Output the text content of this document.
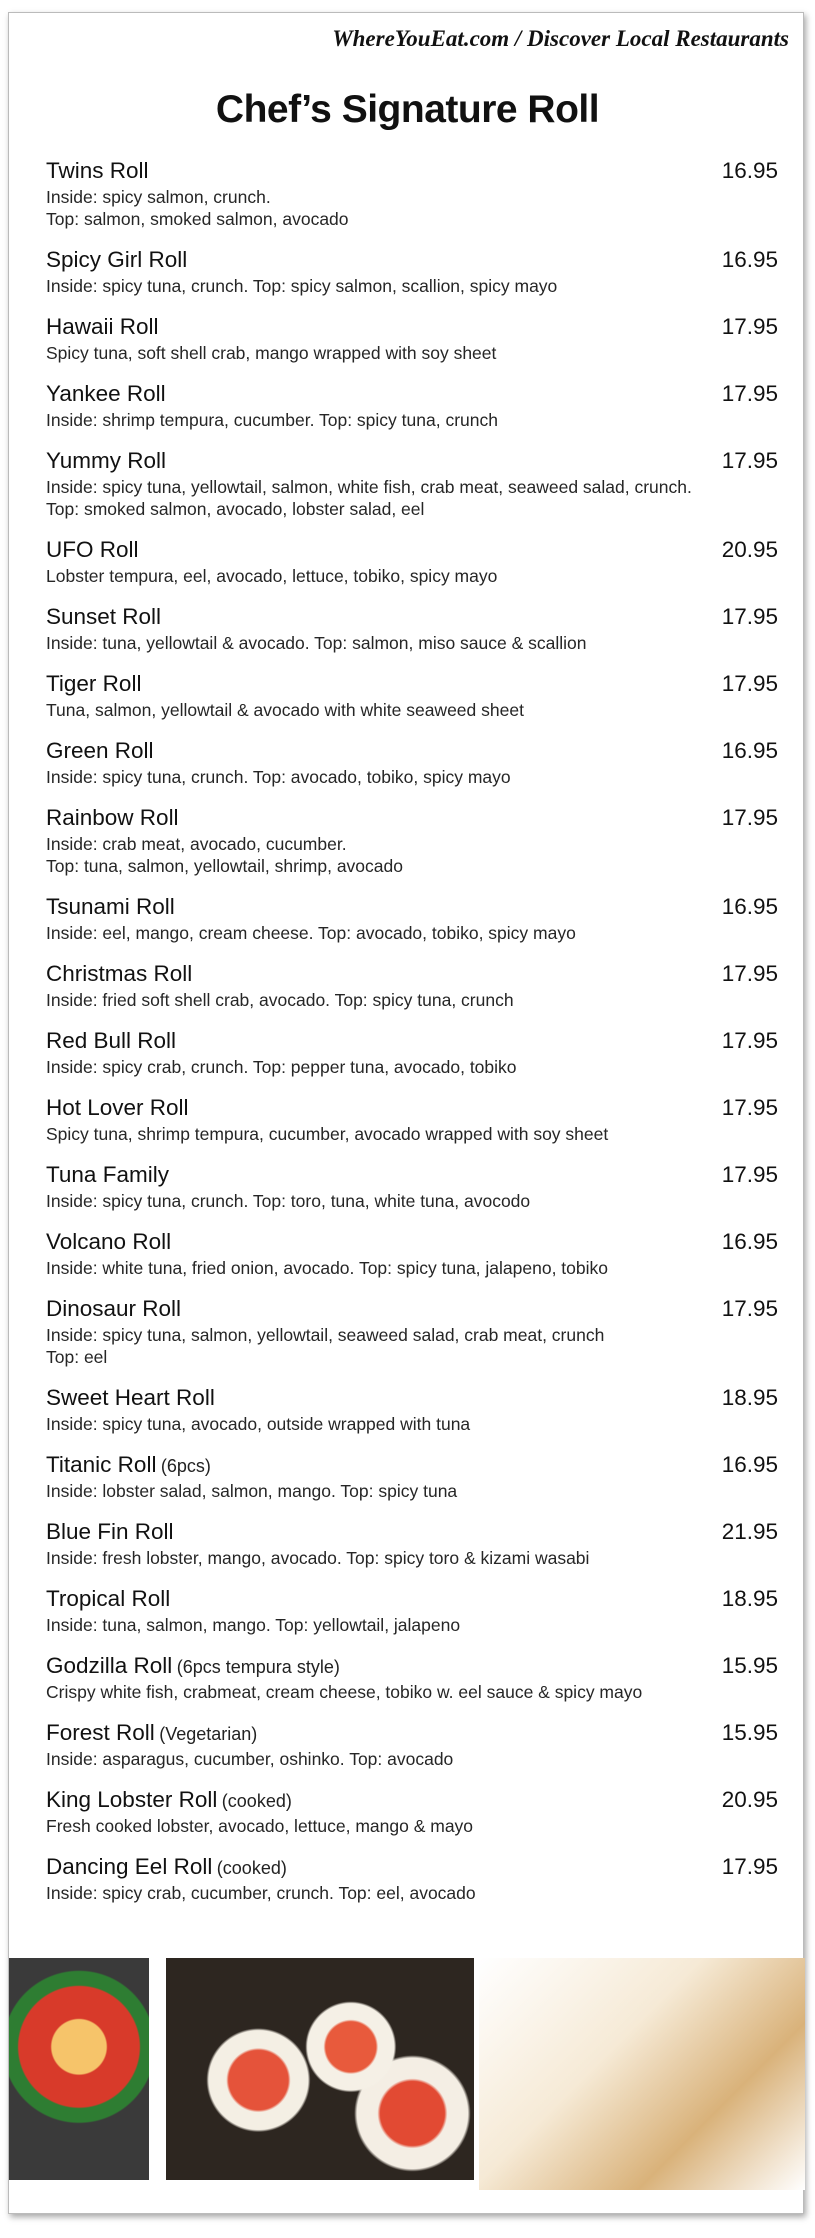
WhereYouEat.com / Discover Local Restaurants
Chef’s Signature Roll
Twins Roll	16.95
Inside: spicy salmon, crunch.
Top: salmon, smoked salmon, avocado
Spicy Girl Roll	16.95
Inside: spicy tuna, crunch. Top: spicy salmon, scallion, spicy mayo
Hawaii Roll	17.95
Spicy tuna, soft shell crab, mango wrapped with soy sheet
Yankee Roll	17.95
Inside: shrimp tempura, cucumber. Top: spicy tuna, crunch
Yummy Roll	17.95
Inside: spicy tuna, yellowtail, salmon, white fish, crab meat, seaweed salad, crunch.
Top: smoked salmon, avocado, lobster salad, eel
UFO Roll	20.95
Lobster tempura, eel, avocado, lettuce, tobiko, spicy mayo
Sunset Roll	17.95
Inside: tuna, yellowtail & avocado. Top: salmon, miso sauce & scallion
Tiger Roll	17.95
Tuna, salmon, yellowtail & avocado with white seaweed sheet
Green Roll	16.95
Inside: spicy tuna, crunch. Top: avocado, tobiko, spicy mayo
Rainbow Roll	17.95
Inside: crab meat, avocado, cucumber.
Top: tuna, salmon, yellowtail, shrimp, avocado
Tsunami Roll	16.95
Inside: eel, mango, cream cheese. Top: avocado, tobiko, spicy mayo
Christmas Roll	17.95
Inside: fried soft shell crab, avocado. Top: spicy tuna, crunch
Red Bull Roll	17.95
Inside: spicy crab, crunch. Top: pepper tuna, avocado, tobiko
Hot Lover Roll	17.95
Spicy tuna, shrimp tempura, cucumber, avocado wrapped with soy sheet
Tuna Family	17.95
Inside: spicy tuna, crunch. Top: toro, tuna, white tuna, avocodo
Volcano Roll	16.95
Inside: white tuna, fried onion, avocado. Top: spicy tuna, jalapeno, tobiko
Dinosaur Roll	17.95
Inside: spicy tuna, salmon, yellowtail, seaweed salad, crab meat, crunch
Top: eel
Sweet Heart Roll	18.95
Inside: spicy tuna, avocado, outside wrapped with tuna
Titanic Roll (6pcs)	16.95
Inside: lobster salad, salmon, mango. Top: spicy tuna
Blue Fin Roll	21.95
Inside: fresh lobster, mango, avocado. Top: spicy toro & kizami wasabi
Tropical Roll	18.95
Inside: tuna, salmon, mango. Top: yellowtail, jalapeno
Godzilla Roll (6pcs tempura style)	15.95
Crispy white fish, crabmeat, cream cheese, tobiko w. eel sauce & spicy mayo
Forest Roll (Vegetarian)	15.95
Inside: asparagus, cucumber, oshinko. Top: avocado
King Lobster Roll (cooked)	20.95
Fresh cooked lobster, avocado, lettuce, mango & mayo
Dancing Eel Roll (cooked)	17.95
Inside: spicy crab, cucumber, crunch. Top: eel, avocado
